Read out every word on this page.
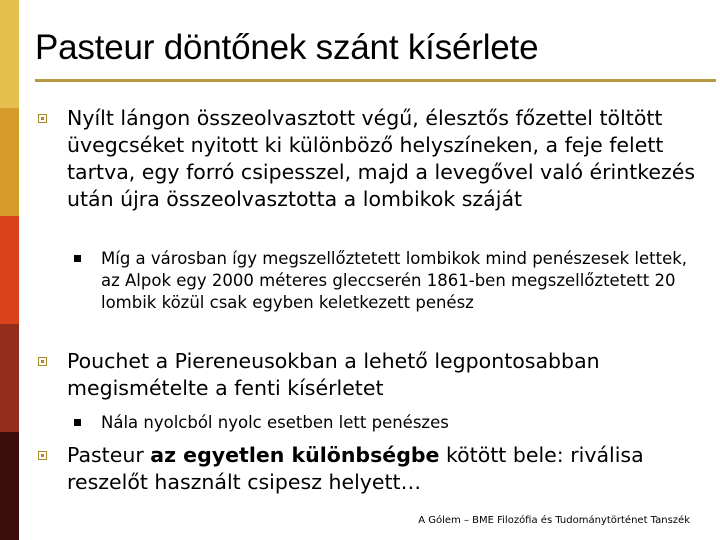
Pasteur döntőnek szánt kísérlete
Nyílt lángon összeolvasztott végű, élesztős főzettel töltött üvegcséket nyitott ki különböző helyszíneken, a feje felett tartva, egy forró csipesszel, majd a levegővel való érintkezés után újra összeolvasztotta a lombikok száját
Míg a városban így megszellőztetett lombikok mind penészesek lettek, az Alpok egy 2000 méteres gleccserén 1861-ben megszellőztetett 20 lombik közül csak egyben keletkezett penész
Pouchet a Piereneusokban a lehető legpontosabban megismételte a fenti kísérletet
Nála nyolcból nyolc esetben lett penészes
Pasteur az egyetlen különbségbe kötött bele: riválisa reszelőt használt csipesz helyett…
A Gólem – BME Filozófia és Tudománytörténet Tanszék
